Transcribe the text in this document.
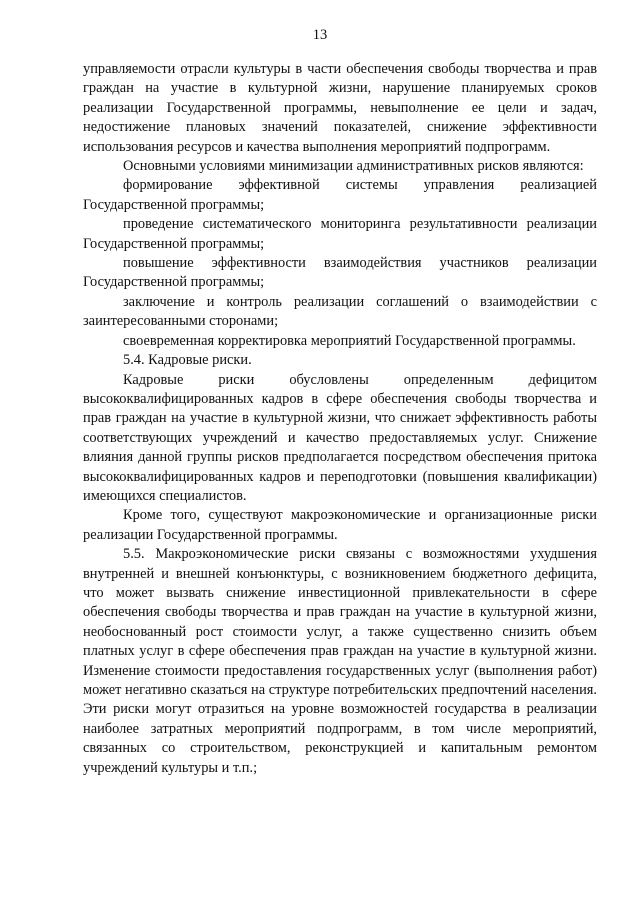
13

управляемости отрасли культуры в части обеспечения свободы творчества и прав граждан на участие в культурной жизни, нарушение планируемых сроков реализации Государственной программы, невыполнение ее цели и задач, недостижение плановых значений показателей, снижение эффективности использования ресурсов и качества выполнения мероприятий подпрограмм.

Основными условиями минимизации административных рисков являются:

формирование эффективной системы управления реализацией Государственной программы;

проведение систематического мониторинга результативности реализации Государственной программы;

повышение эффективности взаимодействия участников реализации Государственной программы;

заключение и контроль реализации соглашений о взаимодействии с заинтересованными сторонами;

своевременная корректировка мероприятий Государственной программы.

5.4. Кадровые риски.

Кадровые риски обусловлены определенным дефицитом высококвалифицированных кадров в сфере обеспечения свободы творчества и прав граждан на участие в культурной жизни, что снижает эффективность работы соответствующих учреждений и качество предоставляемых услуг. Снижение влияния данной группы рисков предполагается посредством обеспечения притока высококвалифицированных кадров и переподготовки (повышения квалификации) имеющихся специалистов.

Кроме того, существуют макроэкономические и организационные риски реализации Государственной программы.

5.5. Макроэкономические риски связаны с возможностями ухудшения внутренней и внешней конъюнктуры, с возникновением бюджетного дефицита, что может вызвать снижение инвестиционной привлекательности в сфере обеспечения свободы творчества и прав граждан на участие в культурной жизни, необоснованный рост стоимости услуг, а также существенно снизить объем платных услуг в сфере обеспечения прав граждан на участие в культурной жизни. Изменение стоимости предоставления государственных услуг (выполнения работ) может негативно сказаться на структуре потребительских предпочтений населения. Эти риски могут отразиться на уровне возможностей государства в реализации наиболее затратных мероприятий подпрограмм, в том числе мероприятий, связанных со строительством, реконструкцией и капитальным ремонтом учреждений культуры и т.п.;
